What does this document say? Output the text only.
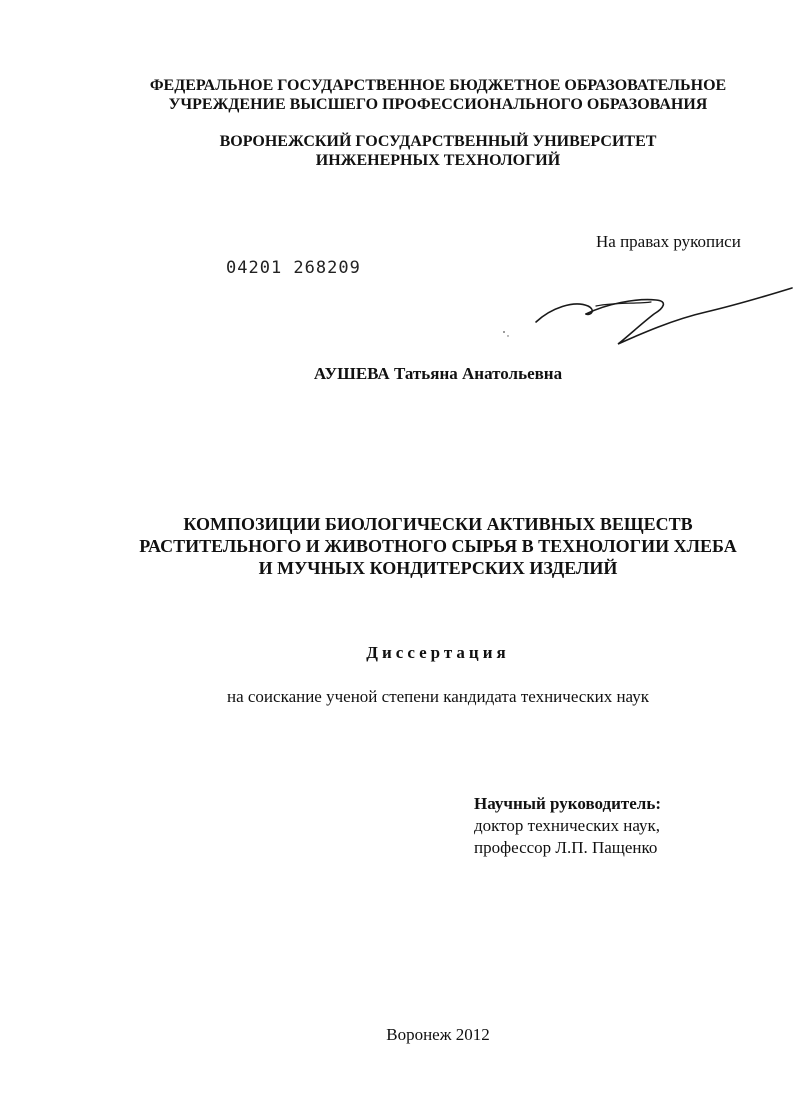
ФЕДЕРАЛЬНОЕ ГОСУДАРСТВЕННОЕ БЮДЖЕТНОЕ ОБРАЗОВАТЕЛЬНОЕ
УЧРЕЖДЕНИЕ ВЫСШЕГО ПРОФЕССИОНАЛЬНОГО ОБРАЗОВАНИЯ
ВОРОНЕЖСКИЙ ГОСУДАРСТВЕННЫЙ УНИВЕРСИТЕТ
ИНЖЕНЕРНЫХ ТЕХНОЛОГИЙ
На правах рукописи
04201 268209
АУШЕВА Татьяна Анатольевна
КОМПОЗИЦИИ БИОЛОГИЧЕСКИ АКТИВНЫХ ВЕЩЕСТВ
РАСТИТЕЛЬНОГО И ЖИВОТНОГО СЫРЬЯ В ТЕХНОЛОГИИ ХЛЕБА
И МУЧНЫХ КОНДИТЕРСКИХ ИЗДЕЛИЙ
Диссертация
на соискание ученой степени кандидата технических наук
Научный руководитель:
доктор технических наук,
профессор Л.П. Пащенко
Воронеж 2012
